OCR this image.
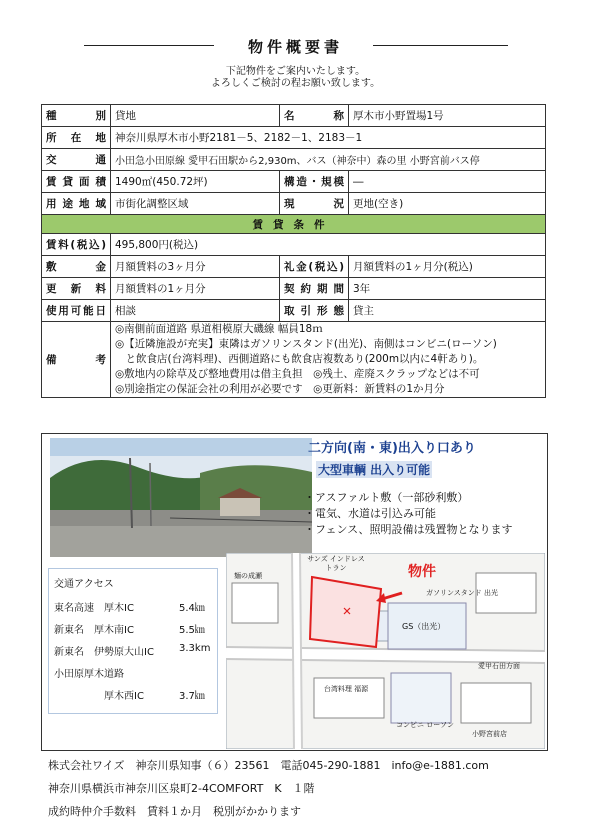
物件概要書
下記物件をご案内いたします。
よろしくご検討の程お願い致します。
種別	貸地	名称	厚木市小野置場1号
所在地	神奈川県厚木市小野2181－5、2182－1、2183－1		
交通	小田急小田原線 愛甲石田駅から2,930m、バス（神奈中）森の里 小野宮前バス停		
賃貸面積	1490㎡(450.72坪)	構造・規模	―
用途地域	市街化調整区域	現況	更地(空き)
賃貸条件			
賃料(税込)	495,800円(税込)		
敷金	月額賃料の3ヶ月分	礼金(税込)	月額賃料の1ヶ月分(税込)
更新料	月額賃料の1ヶ月分	契約期間	3年
使用可能日	相談	取引形態	貸主
備考	◎南側前面道路 県道相模原大磯線 幅員18ｍ
◎【近隣施設が充実】東隣はガソリンスタンド(出光)、南側はコンビニ(ローソン)
　と飲食店(台湾料理)、西側道路にも飲食店複数あり(200m以内に4軒あり)。
◎敷地内の除草及び整地費用は借主負担　◎残土、産廃スクラップなどは不可
◎別途指定の保証会社の利用が必要です　◎更新料：新賃料の1か月分		
二方向(南・東)出入り口あり
大型車輌 出入り可能
・アスファルト敷（一部砂利敷）
・電気、水道は引込み可能
・フェンス、照明設備は残置物となります
交通アクセス
東名高速　厚木IC	5.4㎞
新東名　厚木南IC	5.5㎞
新東名　伊勢原大山IC	3.3km
小田原厚木道路
　　　　　厚木西IC	3.7㎞
物件
サンズ インドレストラン
ガソリンスタンド 出光
GS（出光）
麺の成瀬
愛甲石田方面
台湾料理 福源
コンビニ ローソン
小野宮前店
株式会社ワイズ　神奈川県知事（６）23561　電話045-290-1881　info@e-1881.com
神奈川県横浜市神奈川区泉町2-4COMFORT　K　１階
成約時仲介手数料　賃料１か月　税別がかかります
